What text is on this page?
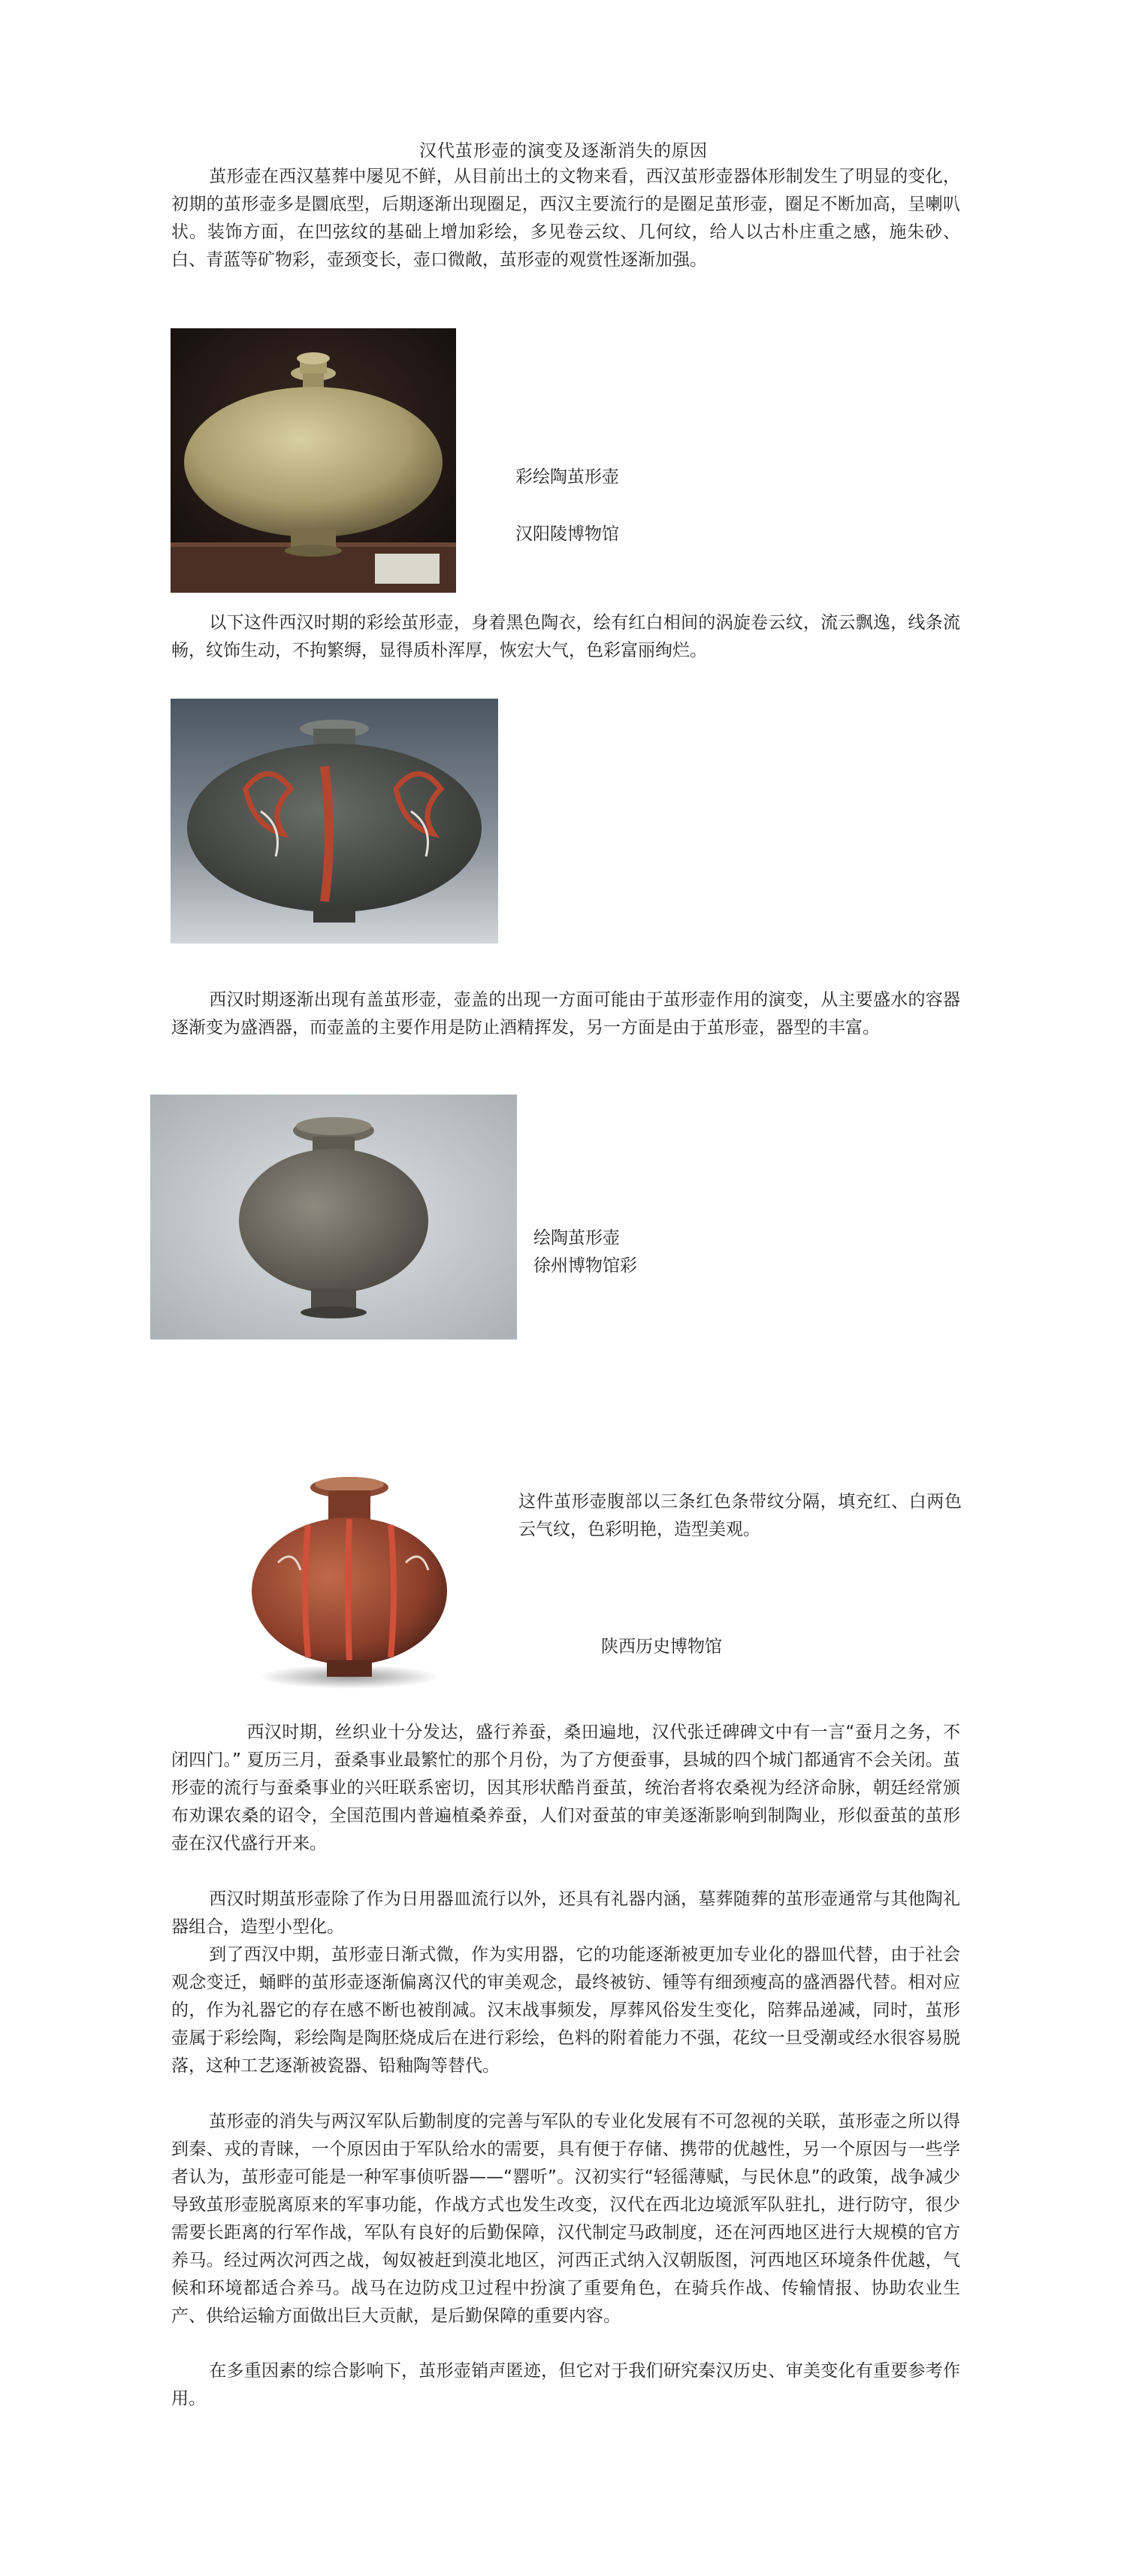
汉代茧形壶的演变及逐渐消失的原因

茧形壶在西汉墓葬中屡见不鲜，从目前出土的文物来看，西汉茧形壶器体形制发生了明显的变化，初期的茧形壶多是圜底型，后期逐渐出现圈足，西汉主要流行的是圈足茧形壶，圈足不断加高，呈喇叭状。装饰方面，在凹弦纹的基础上增加彩绘，多见卷云纹、几何纹，给人以古朴庄重之感，施朱砂、白、青蓝等矿物彩，壶颈变长，壶口微敞，茧形壶的观赏性逐渐加强。

彩绘陶茧形壶

汉阳陵博物馆

以下这件西汉时期的彩绘茧形壶，身着黑色陶衣，绘有红白相间的涡旋卷云纹，流云飘逸，线条流畅，纹饰生动，不拘繁缛，显得质朴浑厚，恢宏大气，色彩富丽绚烂。

西汉时期逐渐出现有盖茧形壶，壶盖的出现一方面可能由于茧形壶作用的演变，从主要盛水的容器逐渐变为盛酒器，而壶盖的主要作用是防止酒精挥发，另一方面是由于茧形壶，器型的丰富。

绘陶茧形壶

徐州博物馆彩

这件茧形壶腹部以三条红色条带纹分隔，填充红、白两色云气纹，色彩明艳，造型美观。

陕西历史博物馆

西汉时期，丝织业十分发达，盛行养蚕，桑田遍地，汉代张迁碑碑文中有一言“蚕月之务，不闭四门。” 夏历三月，蚕桑事业最繁忙的那个月份，为了方便蚕事，县城的四个城门都通宵不会关闭。茧形壶的流行与蚕桑事业的兴旺联系密切，因其形状酷肖蚕茧，统治者将农桑视为经济命脉，朝廷经常颁布劝课农桑的诏令，全国范围内普遍植桑养蚕，人们对蚕茧的审美逐渐影响到制陶业，形似蚕茧的茧形壶在汉代盛行开来。

西汉时期茧形壶除了作为日用器皿流行以外，还具有礼器内涵，墓葬随葬的茧形壶通常与其他陶礼器组合，造型小型化。

到了西汉中期，茧形壶日渐式微，作为实用器，它的功能逐渐被更加专业化的器皿代替，由于社会观念变迁，蛹畔的茧形壶逐渐偏离汉代的审美观念，最终被钫、锺等有细颈瘦高的盛酒器代替。相对应的，作为礼器它的存在感不断也被削减。汉末战事频发，厚葬风俗发生变化，陪葬品递减，同时，茧形壶属于彩绘陶，彩绘陶是陶胚烧成后在进行彩绘，色料的附着能力不强，花纹一旦受潮或经水很容易脱落，这种工艺逐渐被瓷器、铅釉陶等替代。

茧形壶的消失与两汉军队后勤制度的完善与军队的专业化发展有不可忽视的关联，茧形壶之所以得到秦、戎的青睐，一个原因由于军队给水的需要，具有便于存储、携带的优越性，另一个原因与一些学者认为，茧形壶可能是一种军事侦听器——“罂听”。汉初实行“轻徭薄赋，与民休息”的政策，战争减少导致茧形壶脱离原来的军事功能，作战方式也发生改变，汉代在西北边境派军队驻扎，进行防守，很少需要长距离的行军作战，军队有良好的后勤保障，汉代制定马政制度，还在河西地区进行大规模的官方养马。经过两次河西之战，匈奴被赶到漠北地区，河西正式纳入汉朝版图，河西地区环境条件优越，气候和环境都适合养马。战马在边防戍卫过程中扮演了重要角色，在骑兵作战、传输情报、协助农业生产、供给运输方面做出巨大贡献，是后勤保障的重要内容。

在多重因素的综合影响下，茧形壶销声匿迹，但它对于我们研究秦汉历史、审美变化有重要参考作用。
